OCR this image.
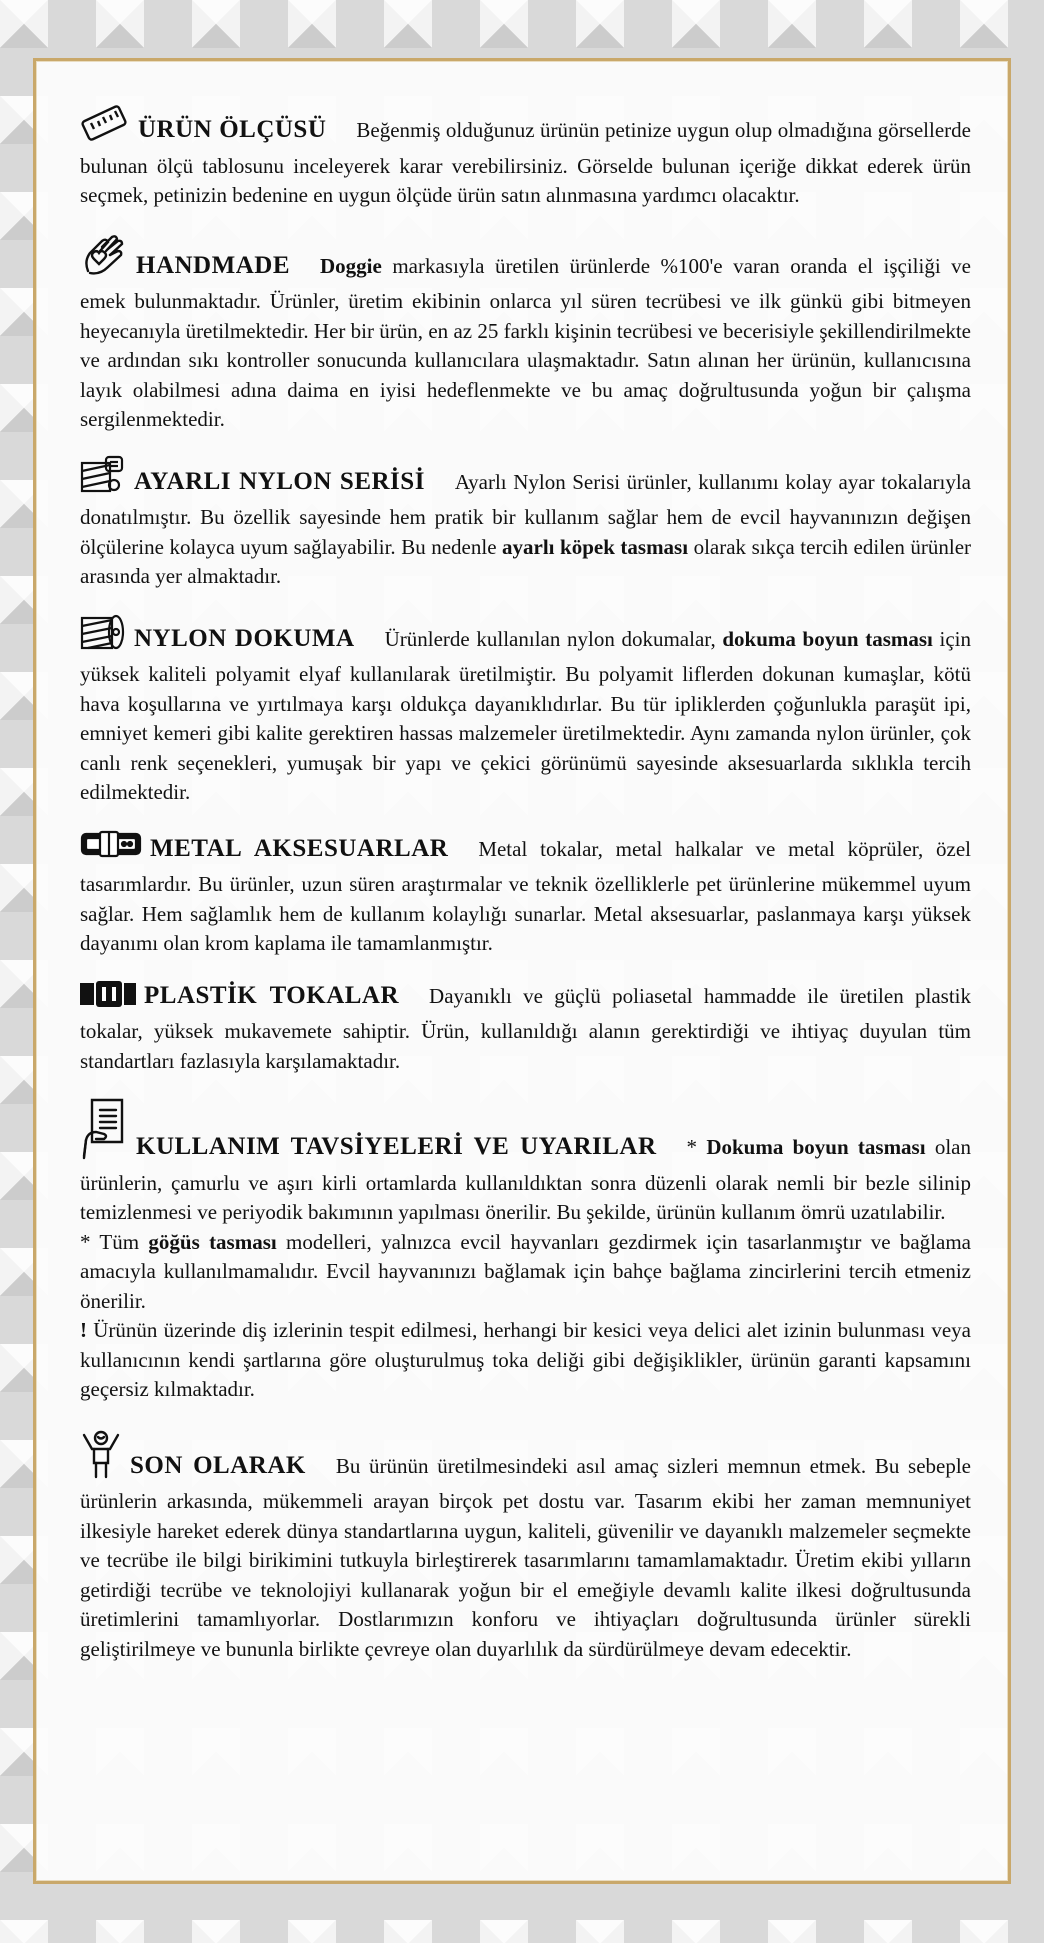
ÜRÜN ÖLÇÜSÜ Beğenmiş olduğunuz ürünün petinize uygun olup olmadığına görsellerde bulunan ölçü tablosunu inceleyerek karar verebilirsiniz. Görselde bulunan içeriğe dikkat ederek ürün seçmek, petinizin bedenine en uygun ölçüde ürün satın alınmasına yardımcı olacaktır.

HANDMADE Doggie markasıyla üretilen ürünlerde %100'e varan oranda el işçiliği ve emek bulunmaktadır. Ürünler, üretim ekibinin onlarca yıl süren tecrübesi ve ilk günkü gibi bitmeyen heyecanıyla üretilmektedir. Her bir ürün, en az 25 farklı kişinin tecrübesi ve becerisiyle şekillendirilmekte ve ardından sıkı kontroller sonucunda kullanıcılara ulaşmaktadır. Satın alınan her ürünün, kullanıcısına layık olabilmesi adına daima en iyisi hedeflenmekte ve bu amaç doğrultusunda yoğun bir çalışma sergilenmektedir.

AYARLI NYLON SERİSİ Ayarlı Nylon Serisi ürünler, kullanımı kolay ayar tokalarıyla donatılmıştır. Bu özellik sayesinde hem pratik bir kullanım sağlar hem de evcil hayvanınızın değişen ölçülerine kolayca uyum sağlayabilir. Bu nedenle ayarlı köpek tasması olarak sıkça tercih edilen ürünler arasında yer almaktadır.

NYLON DOKUMA Ürünlerde kullanılan nylon dokumalar, dokuma boyun tasması için yüksek kaliteli polyamit elyaf kullanılarak üretilmiştir. Bu polyamit liflerden dokunan kumaşlar, kötü hava koşullarına ve yırtılmaya karşı oldukça dayanıklıdırlar. Bu tür ipliklerden çoğunlukla paraşüt ipi, emniyet kemeri gibi kalite gerektiren hassas malzemeler üretilmektedir. Aynı zamanda nylon ürünler, çok canlı renk seçenekleri, yumuşak bir yapı ve çekici görünümü sayesinde aksesuarlarda sıklıkla tercih edilmektedir.

METAL AKSESUARLAR Metal tokalar, metal halkalar ve metal köprüler, özel tasarımlardır. Bu ürünler, uzun süren araştırmalar ve teknik özelliklerle pet ürünlerine mükemmel uyum sağlar. Hem sağlamlık hem de kullanım kolaylığı sunarlar. Metal aksesuarlar, paslanmaya karşı yüksek dayanımı olan krom kaplama ile tamamlanmıştır.

PLASTİK TOKALAR Dayanıklı ve güçlü poliasetal hammadde ile üretilen plastik tokalar, yüksek mukavemete sahiptir. Ürün, kullanıldığı alanın gerektirdiği ve ihtiyaç duyulan tüm standartları fazlasıyla karşılamaktadır.

KULLANIM TAVSİYELERİ VE UYARILAR * Dokuma boyun tasması olan ürünlerin, çamurlu ve aşırı kirli ortamlarda kullanıldıktan sonra düzenli olarak nemli bir bezle silinip temizlenmesi ve periyodik bakımının yapılması önerilir. Bu şekilde, ürünün kullanım ömrü uzatılabilir.
* Tüm göğüs tasması modelleri, yalnızca evcil hayvanları gezdirmek için tasarlanmıştır ve bağlama amacıyla kullanılmamalıdır. Evcil hayvanınızı bağlamak için bahçe bağlama zincirlerini tercih etmeniz önerilir.
! Ürünün üzerinde diş izlerinin tespit edilmesi, herhangi bir kesici veya delici alet izinin bulunması veya kullanıcının kendi şartlarına göre oluşturulmuş toka deliği gibi değişiklikler, ürünün garanti kapsamını geçersiz kılmaktadır.

SON OLARAK Bu ürünün üretilmesindeki asıl amaç sizleri memnun etmek. Bu sebeple ürünlerin arkasında, mükemmeli arayan birçok pet dostu var. Tasarım ekibi her zaman memnuniyet ilkesiyle hareket ederek dünya standartlarına uygun, kaliteli, güvenilir ve dayanıklı malzemeler seçmekte ve tecrübe ile bilgi birikimini tutkuyla birleştirerek tasarımlarını tamamlamaktadır. Üretim ekibi yılların getirdiği tecrübe ve teknolojiyi kullanarak yoğun bir el emeğiyle devamlı kalite ilkesi doğrultusunda üretimlerini tamamlıyorlar. Dostlarımızın konforu ve ihtiyaçları doğrultusunda ürünler sürekli geliştirilmeye ve bununla birlikte çevreye olan duyarlılık da sürdürülmeye devam edecektir.
